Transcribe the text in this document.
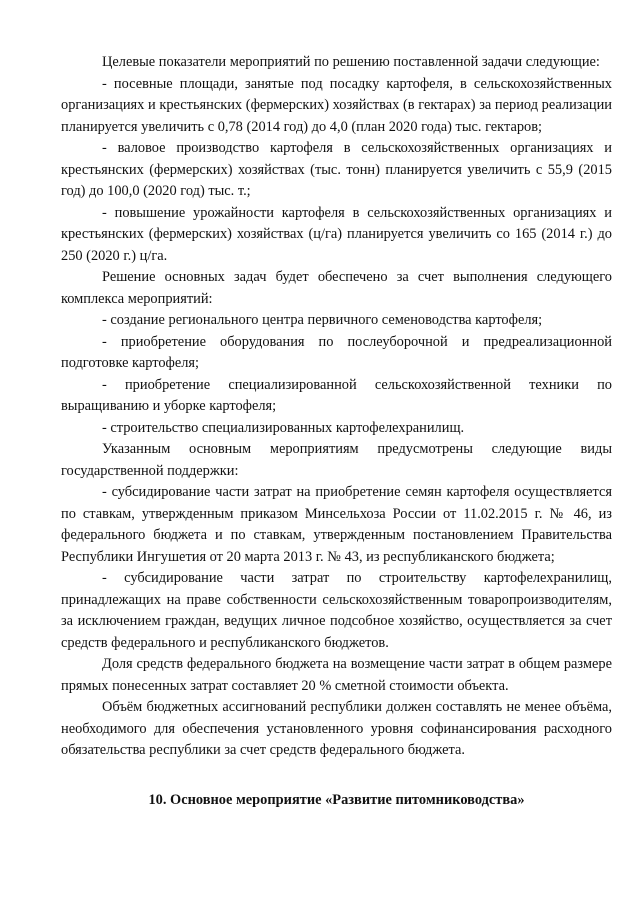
Целевые показатели мероприятий по решению поставленной задачи следующие:

- посевные площади, занятые под посадку картофеля, в сельскохозяйственных организациях и крестьянских (фермерских) хозяйствах (в гектарах) за период реализации планируется увеличить с 0,78 (2014 год) до 4,0 (план 2020 года) тыс. гектаров;

- валовое производство картофеля в сельскохозяйственных организациях и крестьянских (фермерских) хозяйствах (тыс. тонн) планируется увеличить с 55,9 (2015 год) до 100,0 (2020 год) тыс. т.;

- повышение урожайности картофеля в сельскохозяйственных организациях и крестьянских (фермерских) хозяйствах (ц/га) планируется увеличить со 165 (2014 г.) до 250 (2020 г.) ц/га.

Решение основных задач будет обеспечено за счет выполнения следующего комплекса мероприятий:

- создание регионального центра первичного семеноводства картофеля;

- приобретение оборудования по послеуборочной и предреализационной подготовке картофеля;

- приобретение специализированной сельскохозяйственной техники по выращиванию и уборке картофеля;

- строительство специализированных картофелехранилищ.

Указанным основным мероприятиям предусмотрены следующие виды государственной поддержки:

- субсидирование части затрат на приобретение семян картофеля осуществляется по ставкам, утвержденным приказом Минсельхоза России от 11.02.2015 г. № 46, из федерального бюджета и по ставкам, утвержденным постановлением Правительства Республики Ингушетия от 20 марта 2013 г. № 43, из республиканского бюджета;

- субсидирование части затрат по строительству картофелехранилищ, принадлежащих на праве собственности сельскохозяйственным товаропроизводителям, за исключением граждан, ведущих личное подсобное хозяйство, осуществляется за счет средств федерального и республиканского бюджетов.

Доля средств федерального бюджета на возмещение части затрат в общем размере прямых понесенных затрат составляет 20 % сметной стоимости объекта.

Объём бюджетных ассигнований республики должен составлять не менее объёма, необходимого для обеспечения установленного уровня софинансирования расходного обязательства республики за счет средств федерального бюджета.

10. Основное мероприятие «Развитие питомниководства»
